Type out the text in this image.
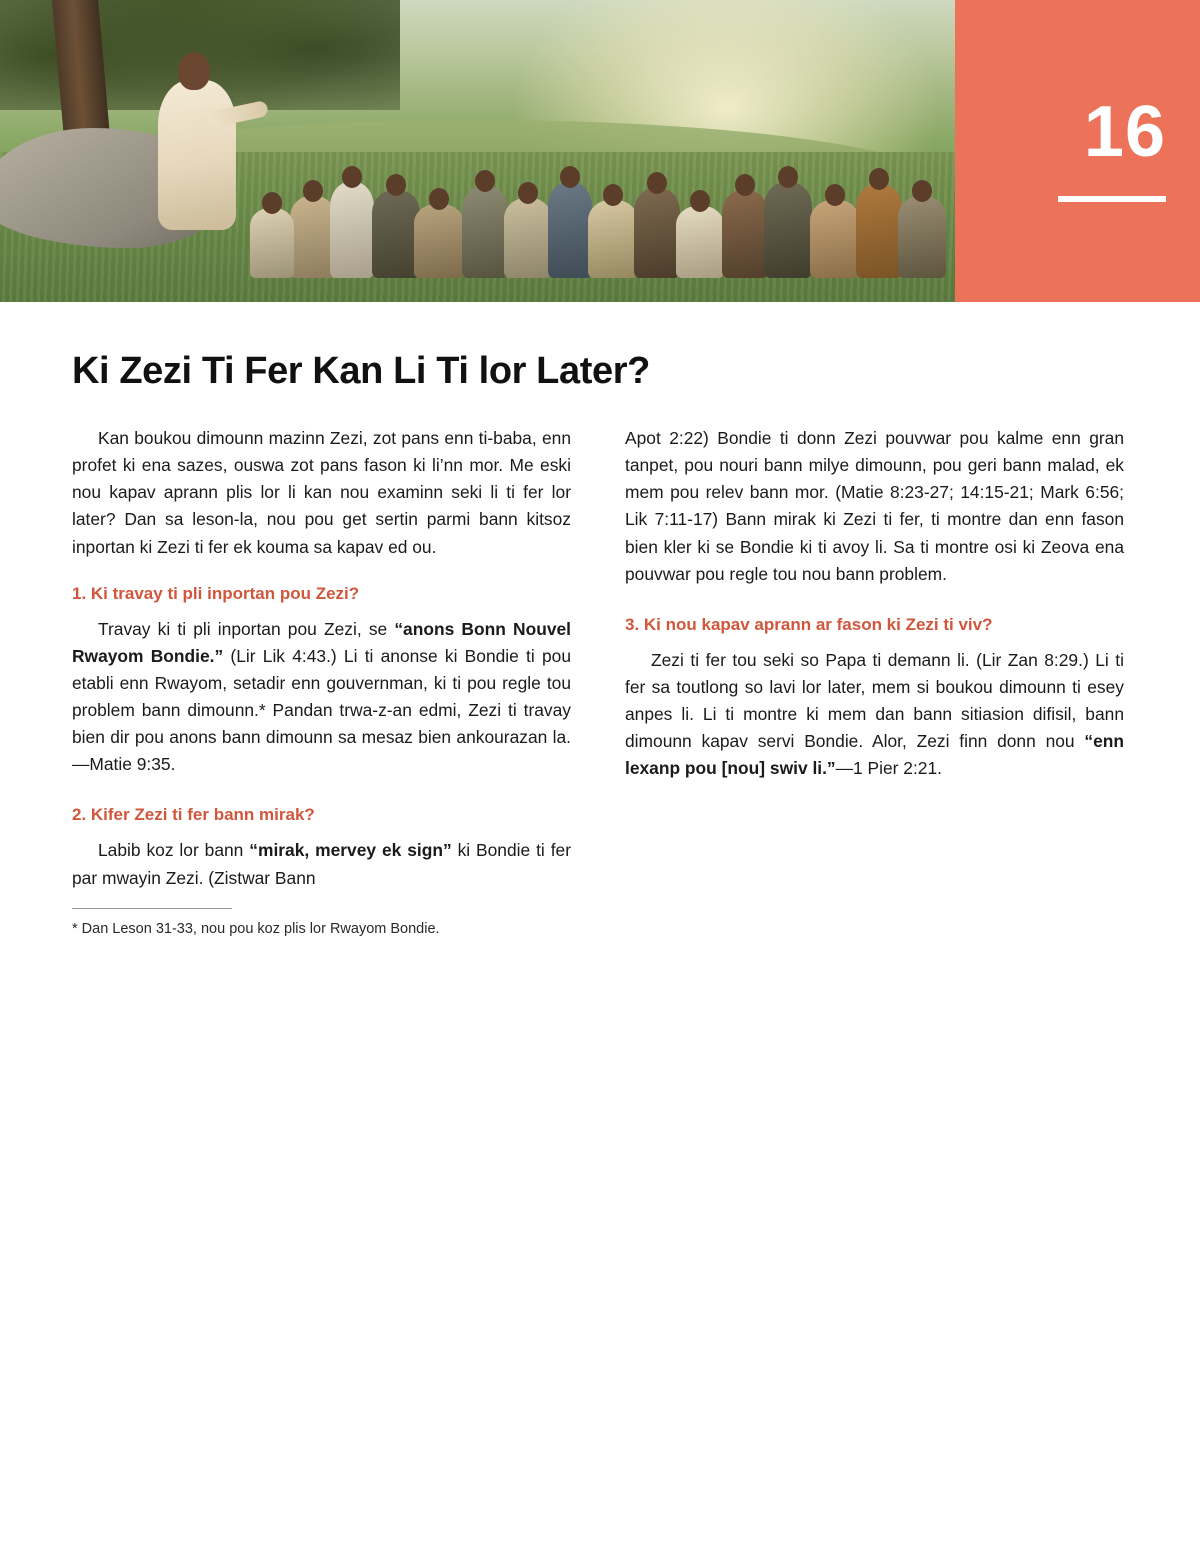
16
Ki Zezi Ti Fer Kan Li Ti lor Later?

Kan boukou dimounn mazinn Zezi, zot pans enn ti-baba, enn profet ki ena sazes, ouswa zot pans fason ki li’nn mor. Me eski nou kapav aprann plis lor li kan nou examinn seki li ti fer lor later? Dan sa leson-la, nou pou get sertin parmi bann kitsoz inportan ki Zezi ti fer ek kouma sa kapav ed ou.

1. Ki travay ti pli inportan pou Zezi?

Travay ki ti pli inportan pou Zezi, se “anons Bonn Nouvel Rwayom Bondie.” (Lir Lik 4:43.) Li ti anonse ki Bondie ti pou etabli enn Rwayom, setadir enn gouvernman, ki ti pou regle tou problem bann dimounn.* Pandan trwa-z-an edmi, Zezi ti travay bien dir pou anons bann dimounn sa mesaz bien ankourazan la.—Matie 9:35.

2. Kifer Zezi ti fer bann mirak?

Labib koz lor bann “mirak, mervey ek sign” ki Bondie ti fer par mwayin Zezi. (Zistwar Bann

* Dan Leson 31-33, nou pou koz plis lor Rwayom Bondie.

Apot 2:22) Bondie ti donn Zezi pouvwar pou kalme enn gran tanpet, pou nouri bann milye dimounn, pou geri bann malad, ek mem pou relev bann mor. (Matie 8:23-27; 14:15-21; Mark 6:56; Lik 7:11-17) Bann mirak ki Zezi ti fer, ti montre dan enn fason bien kler ki se Bondie ki ti avoy li. Sa ti montre osi ki Zeova ena pouvwar pou regle tou nou bann problem.

3. Ki nou kapav aprann ar fason ki Zezi ti viv?

Zezi ti fer tou seki so Papa ti demann li. (Lir Zan 8:29.) Li ti fer sa toutlong so lavi lor later, mem si boukou dimounn ti esey anpes li. Li ti montre ki mem dan bann sitiasion difisil, bann dimounn kapav servi Bondie. Alor, Zezi finn donn nou “enn lexanp pou [nou] swiv li.”—1 Pier 2:21.
